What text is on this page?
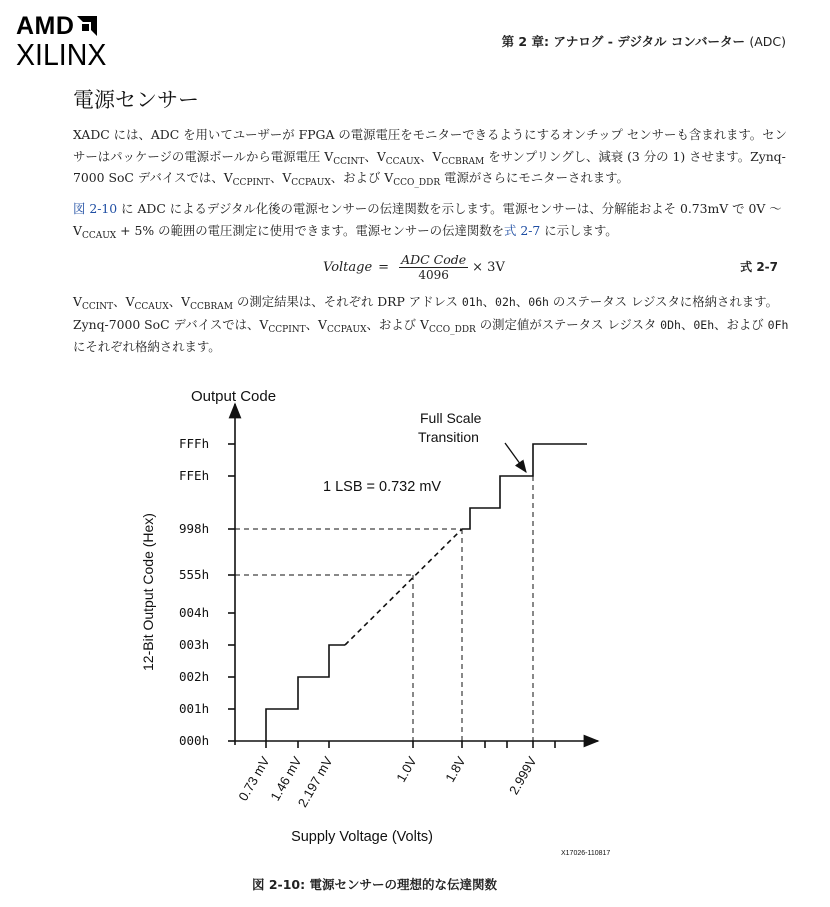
AMD
XILINX	第 2 章: アナログ - デジタル コンバーター (ADC)
電源センサー

XADC には、ADC を用いてユーザーが FPGA の電源電圧をモニターできるようにするオンチップ センサーも含まれます。センサーはパッケージの電源ボールから電源電圧 $V_{CCINT}$、$V_{CCAUX}$、$V_{CCBRAM}$ をサンプリングし、減衰 (3 分の 1) させます。Zynq-7000 SoC デバイスでは、$V_{CCPINT}$、$V_{CCPAUX}$、および $V_{CCO\_DDR}$ 電源がさらにモニターされます。

図 2-10 に ADC によるデジタル化後の電源センサーの伝達関数を示します。電源センサーは、分解能およそ 0.73mV で 0V ～ $V_{CCAUX} + 5\%$ の範囲の電圧測定に使用できます。電源センサーの伝達関数を式 2-7 に示します。

Voltage = $\frac{\text{ADC Code}}{4096} \times 3V$	式 2-7

$V_{CCINT}$、$V_{CCAUX}$、$V_{CCBRAM}$ の測定結果は、それぞれ DRP アドレス 01h、02h、06h のステータス レジスタに格納されます。Zynq-7000 SoC デバイスでは、$V_{CCPINT}$、$V_{CCPAUX}$、および $V_{CCO\_DDR}$ の測定値がステータス レジスタ 0Dh、0Eh、および 0Fh にそれぞれ格納されます。

000h
001h
002h
003h
004h
555h
998h
FFEh
FFFh
0.73 mV
1.46 mV
2.197 mV	1.0V 1.8V	2.999V
Output Code
12-Bit Output Code (Hex)
Supply Voltage (Volts)
1 LSB = 0.732 mV
Full Scale
Transition
X17026-110817
図 2-10: 電源センサーの理想的な伝達関数
